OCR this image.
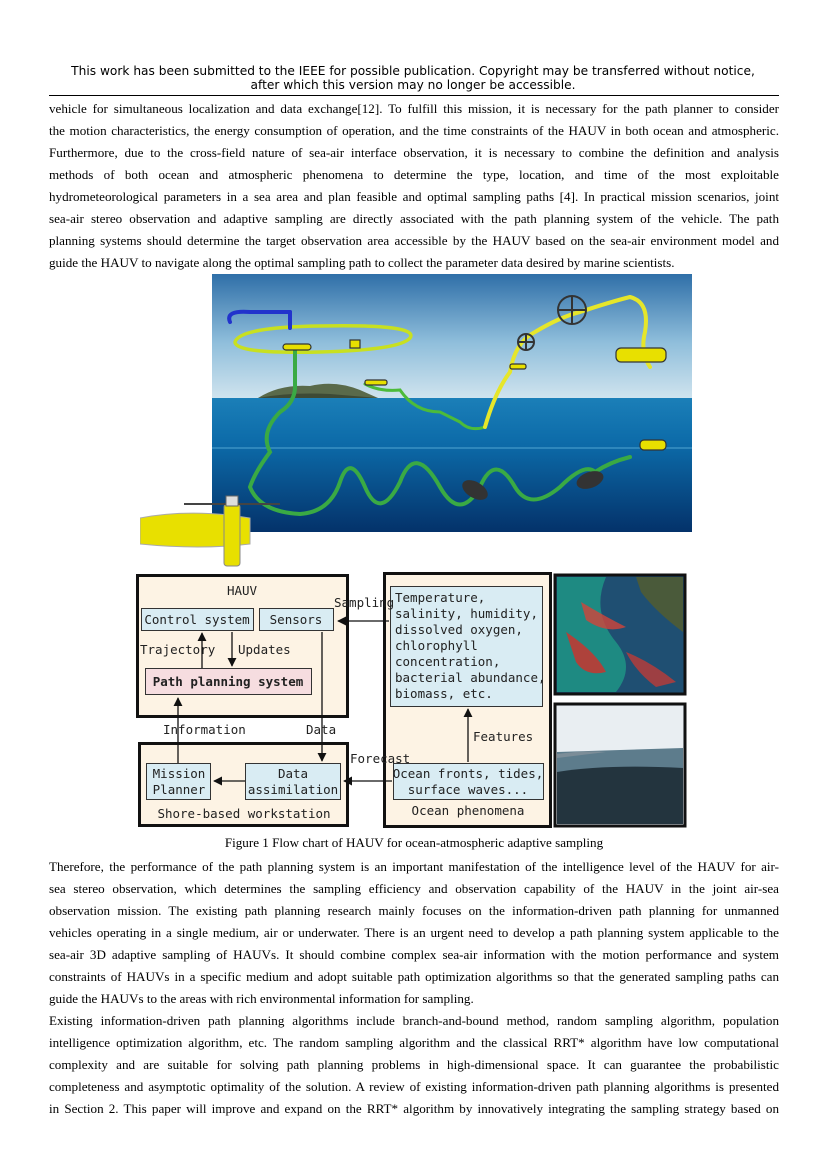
This work has been submitted to the IEEE for possible publication. Copyright may be transferred without notice,
after which this version may no longer be accessible.

vehicle for simultaneous localization and data exchange[12]. To fulfill this mission, it is necessary for the path planner to consider
the motion characteristics, the energy consumption of operation, and the time constraints of the HAUV in both ocean and atmospheric.
Furthermore, due to the cross-field nature of sea-air interface observation, it is necessary to combine the definition and analysis
methods of both ocean and atmospheric phenomena to determine the type, location, and time of the most exploitable
hydrometeorological parameters in a sea area and plan feasible and optimal sampling paths [4]. In practical mission scenarios, joint
sea-air stereo observation and adaptive sampling are directly associated with the path planning system of the vehicle. The path
planning systems should determine the target observation area accessible by the HAUV based on the sea-air environment model and
guide the HAUV to navigate along the optimal sampling path to collect the parameter data desired by marine scientists.

HAUV
Control system Sensors
Trajectory Updates
Path planning system
Mission
Planner
Data
assimilation
Shore-based workstation
Information	Data
Temperature,
salinity, humidity,
dissolved oxygen,
chlorophyll
concentration,
bacterial abundance,
biomass, etc.
Ocean fronts, tides,
surface waves...
Ocean phenomena
Features
Sampling
Forecast
Figure 1 Flow chart of HAUV for ocean-atmospheric adaptive sampling

Therefore, the performance of the path planning system is an important manifestation of the intelligence level of the HAUV for air-
sea stereo observation, which determines the sampling efficiency and observation capability of the HAUV in the joint air-sea
observation mission. The existing path planning research mainly focuses on the information-driven path planning for unmanned
vehicles operating in a single medium, air or underwater. There is an urgent need to develop a path planning system applicable to the
sea-air 3D adaptive sampling of HAUVs. It should combine complex sea-air information with the motion performance and system
constraints of HAUVs in a specific medium and adopt suitable path optimization algorithms so that the generated sampling paths can
guide the HAUVs to the areas with rich environmental information for sampling.

Existing information-driven path planning algorithms include branch-and-bound method, random sampling algorithm, population
intelligence optimization algorithm, etc. The random sampling algorithm and the classical RRT* algorithm have low computational
complexity and are suitable for solving path planning problems in high-dimensional space. It can guarantee the probabilistic
completeness and asymptotic optimality of the solution. A review of existing information-driven path planning algorithms is presented
in Section 2. This paper will improve and expand on the RRT* algorithm by innovatively integrating the sampling strategy based on
